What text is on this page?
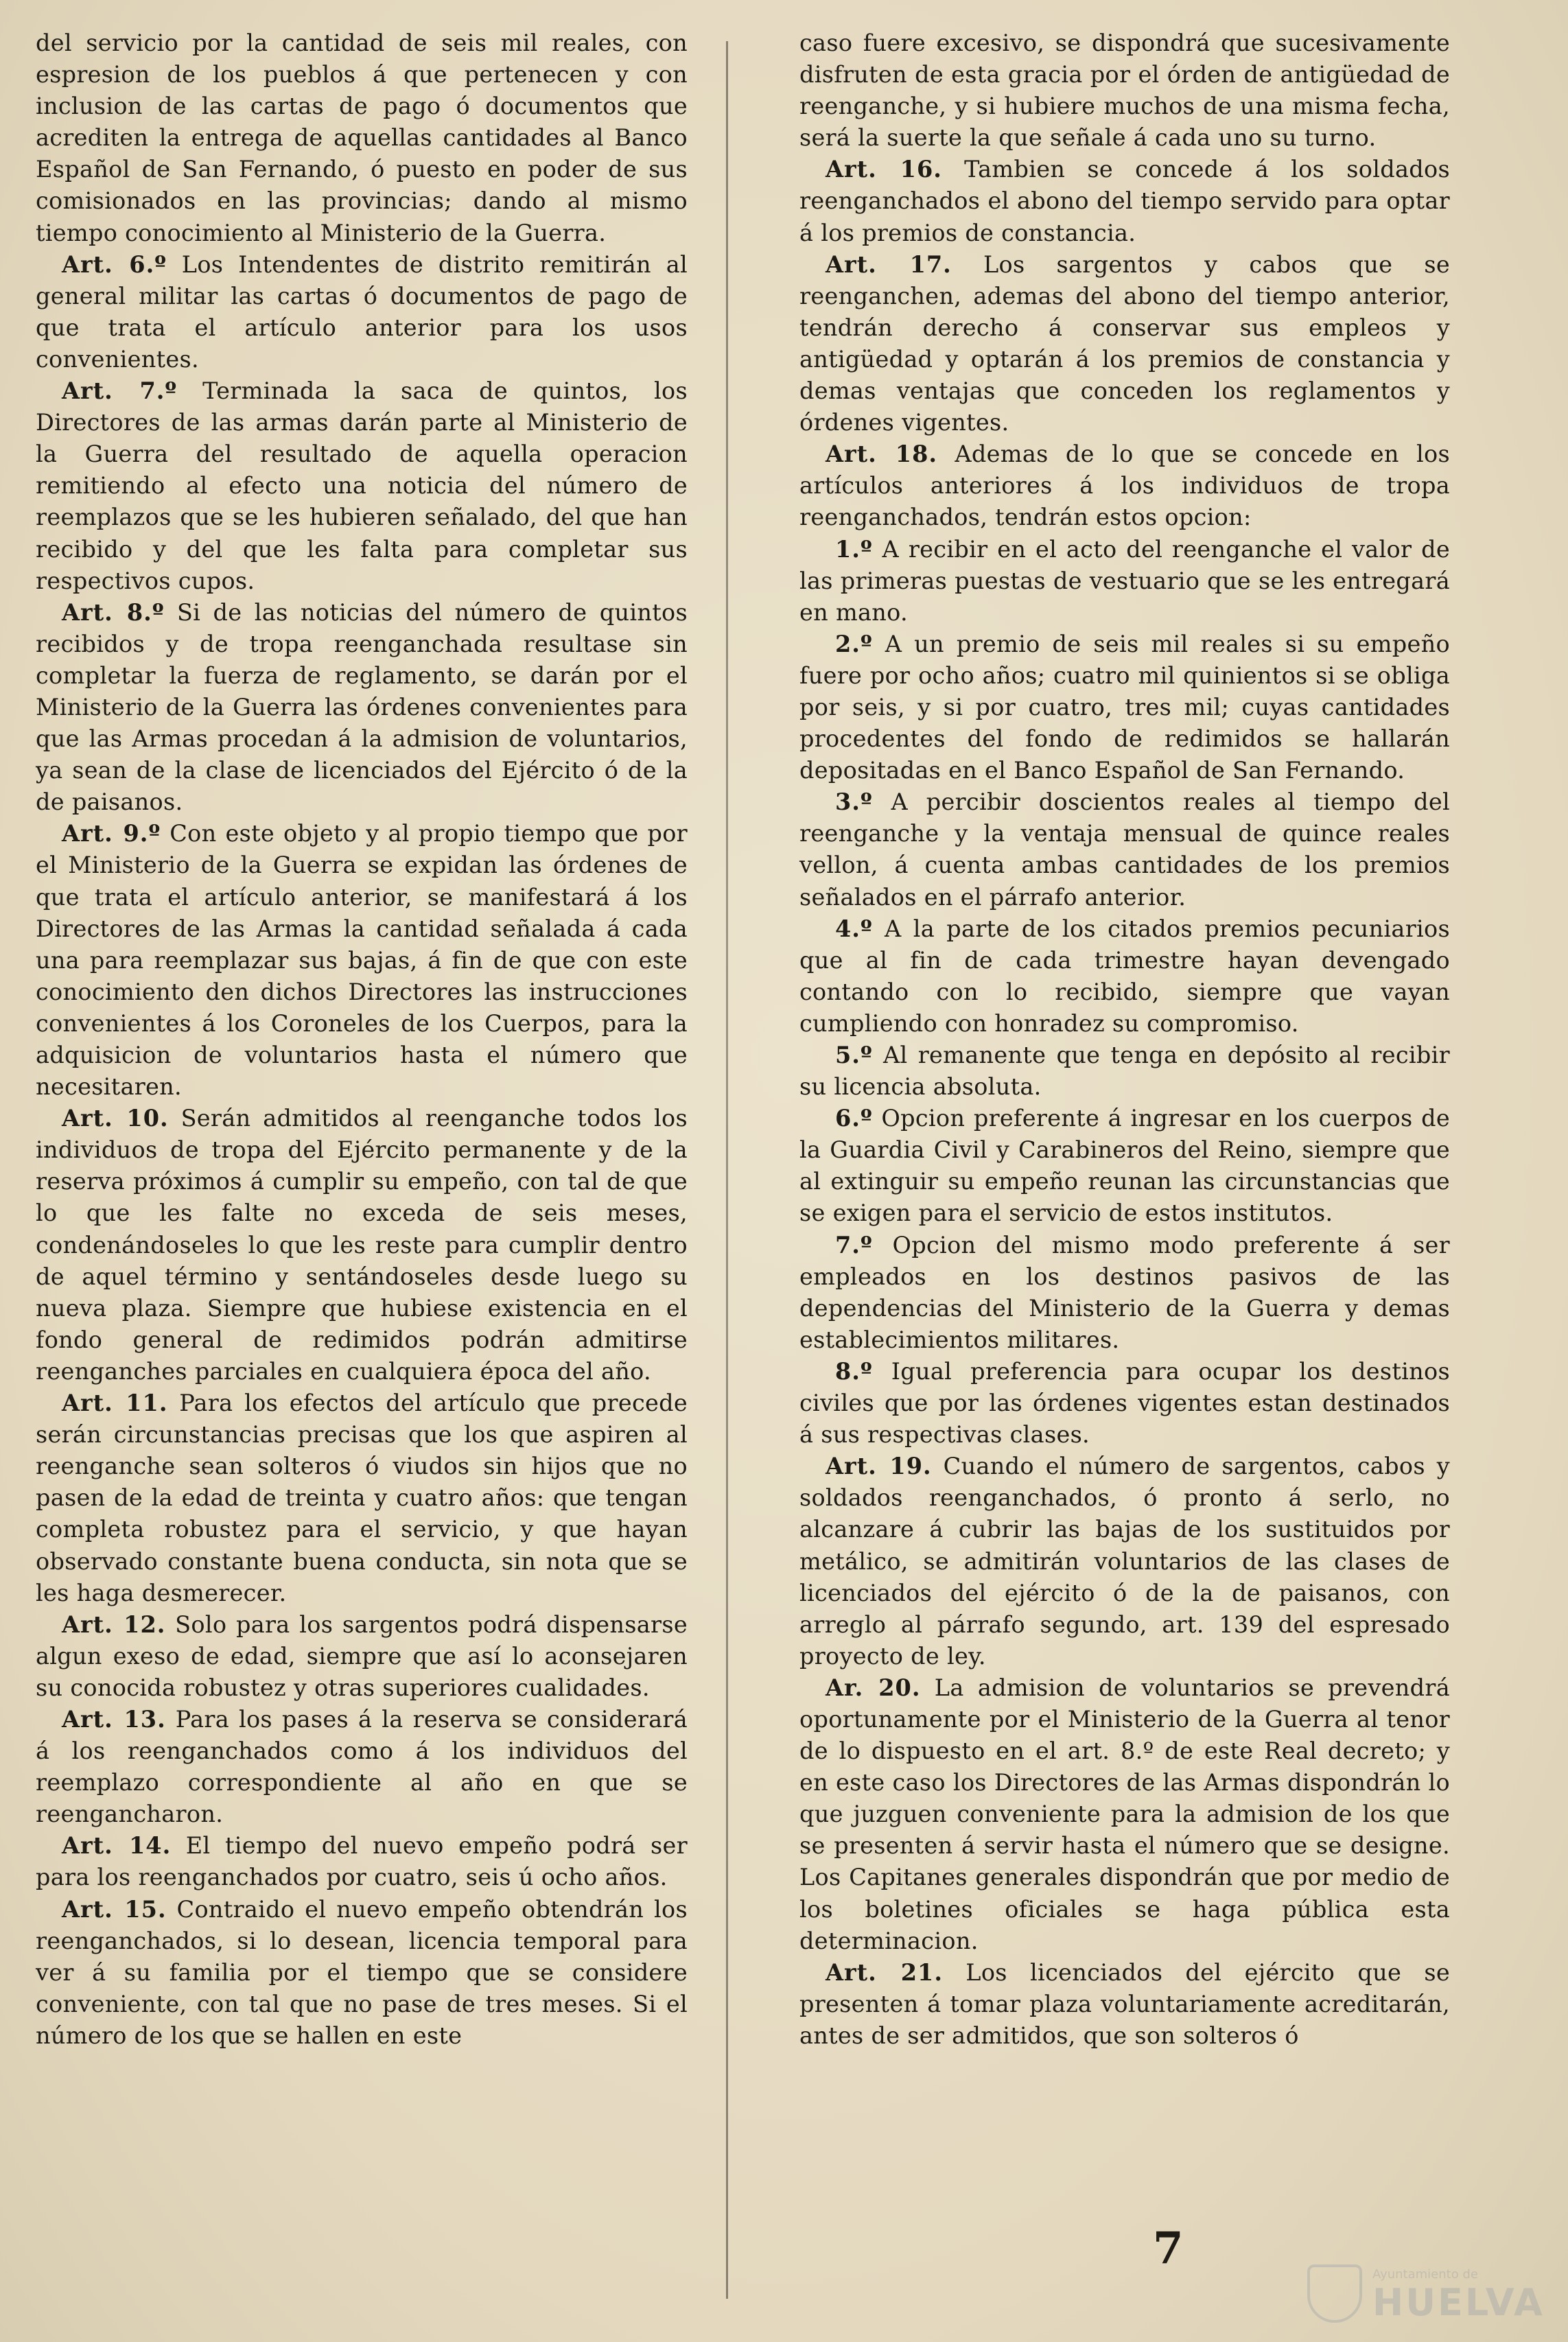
del servicio por la cantidad de seis mil reales, con espresion de los pueblos á que pertenecen y con inclusion de las cartas de pago ó documentos que acrediten la entrega de aquellas cantidades al Banco Español de San Fernando, ó puesto en poder de sus comisionados en las provincias; dando al mismo tiempo conocimiento al Ministerio de la Guerra.

Art. 6.º Los Intendentes de distrito remitirán al general militar las cartas ó documentos de pago de que trata el artículo anterior para los usos convenientes.

Art. 7.º Terminada la saca de quintos, los Directores de las armas darán parte al Ministerio de la Guerra del resultado de aquella operacion remitiendo al efecto una noticia del número de reemplazos que se les hubieren señalado, del que han recibido y del que les falta para completar sus respectivos cupos.

Art. 8.º Si de las noticias del número de quintos recibidos y de tropa reenganchada resultase sin completar la fuerza de reglamento, se darán por el Ministerio de la Guerra las órdenes convenientes para que las Armas procedan á la admision de voluntarios, ya sean de la clase de licenciados del Ejército ó de la de paisanos.

Art. 9.º Con este objeto y al propio tiempo que por el Ministerio de la Guerra se expidan las órdenes de que trata el artículo anterior, se manifestará á los Directores de las Armas la cantidad señalada á cada una para reemplazar sus bajas, á fin de que con este conocimiento den dichos Directores las instrucciones convenientes á los Coroneles de los Cuerpos, para la adquisicion de voluntarios hasta el número que necesitaren.

Art. 10. Serán admitidos al reenganche todos los individuos de tropa del Ejército permanente y de la reserva próximos á cumplir su empeño, con tal de que lo que les falte no exceda de seis meses, condenándoseles lo que les reste para cumplir dentro de aquel término y sentándoseles desde luego su nueva plaza. Siempre que hubiese existencia en el fondo general de redimidos podrán admitirse reenganches parciales en cualquiera época del año.

Art. 11. Para los efectos del artículo que precede serán circunstancias precisas que los que aspiren al reenganche sean solteros ó viudos sin hijos que no pasen de la edad de treinta y cuatro años: que tengan completa robustez para el servicio, y que hayan observado constante buena conducta, sin nota que se les haga desmerecer.

Art. 12. Solo para los sargentos podrá dispensarse algun exeso de edad, siempre que así lo aconsejaren su conocida robustez y otras superiores cualidades.

Art. 13. Para los pases á la reserva se considerará á los reenganchados como á los individuos del reemplazo correspondiente al año en que se reengancharon.

Art. 14. El tiempo del nuevo empeño podrá ser para los reenganchados por cuatro, seis ú ocho años.

Art. 15. Contraido el nuevo empeño obtendrán los reenganchados, si lo desean, licencia temporal para ver á su familia por el tiempo que se considere conveniente, con tal que no pase de tres meses. Si el número de los que se hallen en este

caso fuere excesivo, se dispondrá que sucesivamente disfruten de esta gracia por el órden de antigüedad de reenganche, y si hubiere muchos de una misma fecha, será la suerte la que señale á cada uno su turno.

Art. 16. Tambien se concede á los soldados reenganchados el abono del tiempo servido para optar á los premios de constancia.

Art. 17. Los sargentos y cabos que se reenganchen, ademas del abono del tiempo anterior, tendrán derecho á conservar sus empleos y antigüedad y optarán á los premios de constancia y demas ventajas que conceden los reglamentos y órdenes vigentes.

Art. 18. Ademas de lo que se concede en los artículos anteriores á los individuos de tropa reenganchados, tendrán estos opcion:

1.º A recibir en el acto del reenganche el valor de las primeras puestas de vestuario que se les entregará en mano.

2.º A un premio de seis mil reales si su empeño fuere por ocho años; cuatro mil quinientos si se obliga por seis, y si por cuatro, tres mil; cuyas cantidades procedentes del fondo de redimidos se hallarán depositadas en el Banco Español de San Fernando.

3.º A percibir doscientos reales al tiempo del reenganche y la ventaja mensual de quince reales vellon, á cuenta ambas cantidades de los premios señalados en el párrafo anterior.

4.º A la parte de los citados premios pecuniarios que al fin de cada trimestre hayan devengado contando con lo recibido, siempre que vayan cumpliendo con honradez su compromiso.

5.º Al remanente que tenga en depósito al recibir su licencia absoluta.

6.º Opcion preferente á ingresar en los cuerpos de la Guardia Civil y Carabineros del Reino, siempre que al extinguir su empeño reunan las circunstancias que se exigen para el servicio de estos institutos.

7.º Opcion del mismo modo preferente á ser empleados en los destinos pasivos de las dependencias del Ministerio de la Guerra y demas establecimientos militares.

8.º Igual preferencia para ocupar los destinos civiles que por las órdenes vigentes estan destinados á sus respectivas clases.

Art. 19. Cuando el número de sargentos, cabos y soldados reenganchados, ó pronto á serlo, no alcanzare á cubrir las bajas de los sustituidos por metálico, se admitirán voluntarios de las clases de licenciados del ejército ó de la de paisanos, con arreglo al párrafo segundo, art. 139 del espresado proyecto de ley.

Ar. 20. La admision de voluntarios se prevendrá oportunamente por el Ministerio de la Guerra al tenor de lo dispuesto en el art. 8.º de este Real decreto; y en este caso los Directores de las Armas dispondrán lo que juzguen conveniente para la admision de los que se presenten á servir hasta el número que se designe. Los Capitanes generales dispondrán que por medio de los boletines oficiales se haga pública esta determinacion.

Art. 21. Los licenciados del ejército que se presenten á tomar plaza voluntariamente acreditarán, antes de ser admitidos, que son solteros ó

7
Ayuntamiento de
HUELVA
